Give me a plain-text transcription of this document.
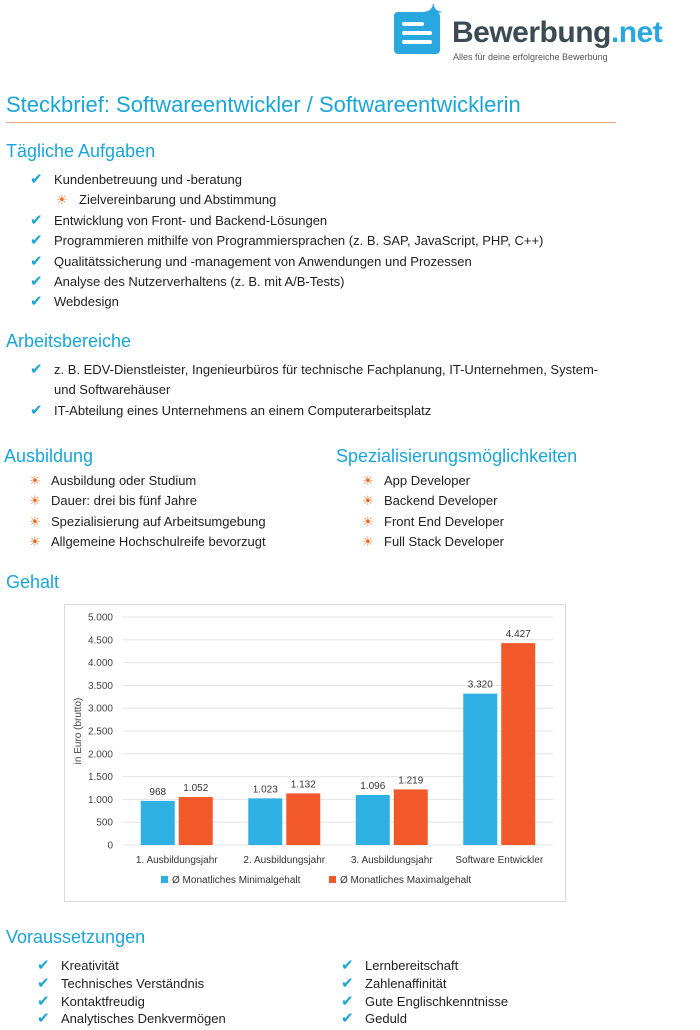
✦
Bewerbung.net
Alles für deine erfolgreiche Bewerbung
Steckbrief: Softwareentwickler / Softwareentwicklerin
Tägliche Aufgaben
✔ Kundenbetreuung und -beratung
☀ Zielvereinbarung und Abstimmung
✔ Entwicklung von Front- und Backend-Lösungen
✔ Programmieren mithilfe von Programmiersprachen (z. B. SAP, JavaScript, PHP, C++)
✔ Qualitätssicherung und -management von Anwendungen und Prozessen
✔ Analyse des Nutzerverhaltens (z. B. mit A/B-Tests)
✔ Webdesign
Arbeitsbereiche
✔ z. B. EDV-Dienstleister, Ingenieurbüros für technische Fachplanung, IT-Unternehmen, System- und Softwarehäuser
✔ IT-Abteilung eines Unternehmens an einem Computerarbeitsplatz
Ausbildung
☀ Ausbildung oder Studium
☀ Dauer: drei bis fünf Jahre
☀ Spezialisierung auf Arbeitsumgebung
☀ Allgemeine Hochschulreife bevorzugt
Spezialisierungsmöglichkeiten
☀ App Developer
☀ Backend Developer
☀ Front End Developer
☀ Full Stack Developer
Gehalt
0
500
1.000
1.500
2.000
2.500
3.000
3.500
4.000
4.500
5.000
in Euro (brutto)
968 1.052
1. Ausbildungsjahr
1.023 1.132
2. Ausbildungsjahr
1.096
1.219
3. Ausbildungsjahr
3.320
4.427
Software Entwickler
Ø Monatliches Minimalgehalt	Ø Monatliches Maximalgehalt
Voraussetzungen
✔ Kreativität
✔ Technisches Verständnis
✔ Kontaktfreudig
✔ Analytisches Denkvermögen
✔ Lernbereitschaft
✔ Zahlenaffinität
✔ Gute Englischkenntnisse
✔ Geduld
